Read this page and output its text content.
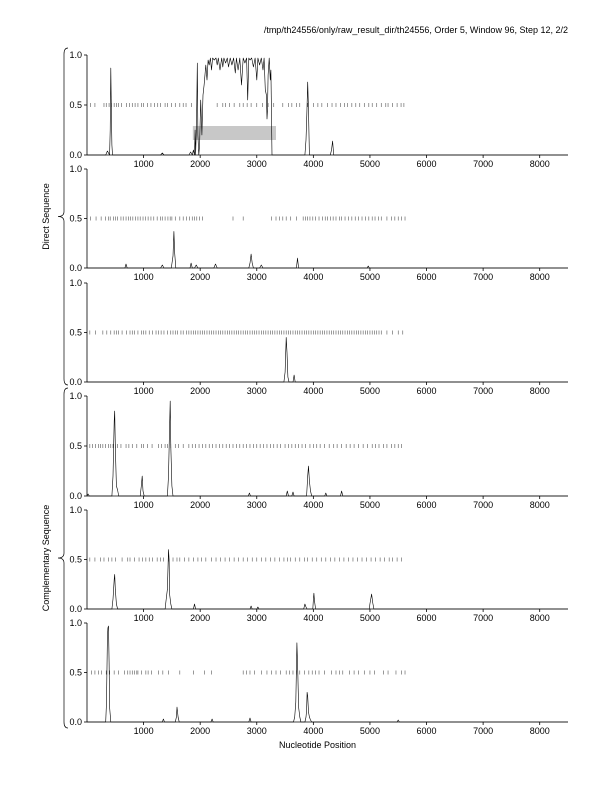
/tmp/th24556/only/raw_result_dir/th24556, Order 5, Window 96, Step 12, 2/2
0.0
0.5
1.0
1000	2000	3000	4000	5000	6000	7000	8000
0.0
0.5
1.0
1000	2000	3000	4000	5000	6000	7000	8000
0.0
0.5
1.0
1000	2000	3000	4000	5000	6000	7000	8000
0.0
0.5
1.0
1000	2000	3000	4000	5000	6000	7000	8000
0.0
0.5
1.0
1000	2000	3000	4000	5000	6000	7000	8000
0.0
0.5
1.0
1000	2000	3000	4000	5000	6000	7000	8000
Nucleotide Position
Direct Sequence
Complementary Sequence
